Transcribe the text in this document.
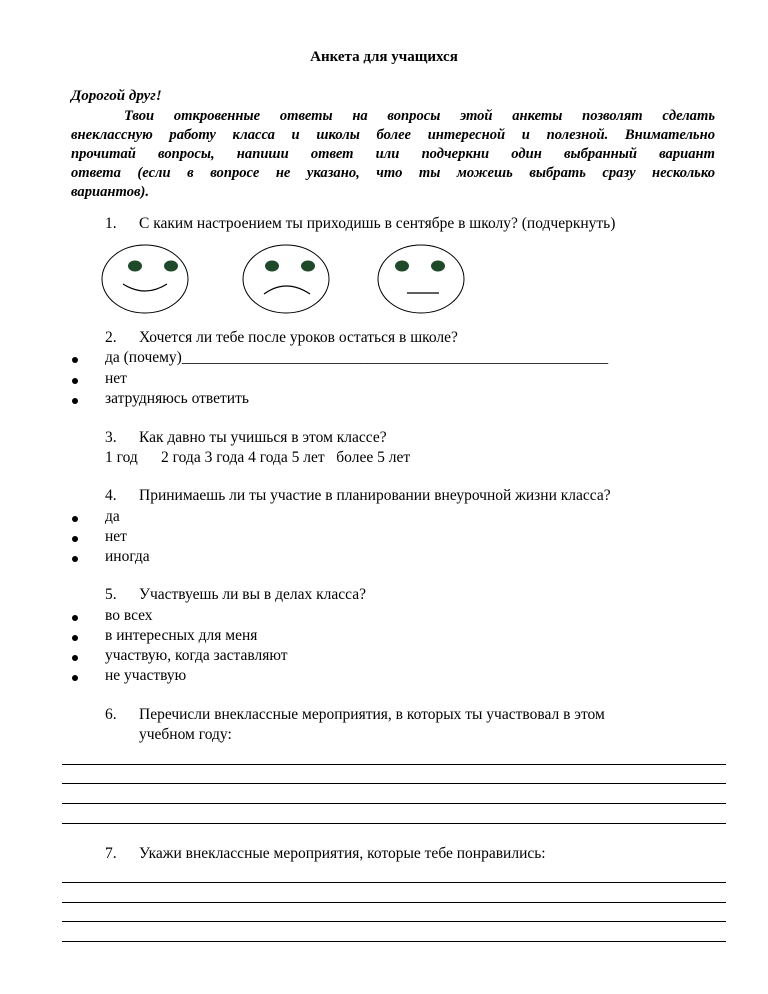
Анкета для учащихся
Дорогой друг!
Твои откровенные ответы на вопросы этой анкеты позволят сделать
внеклассную работу класса и школы более интересной и полезной. Внимательно
прочитай вопросы, напиши ответ или подчеркни один выбранный вариант
ответа (если в вопросе не указано, что ты можешь выбрать сразу несколько
вариантов).
1. С каким настроением ты приходишь в сентябре в школу? (подчеркнуть)
2. Хочется ли тебе после уроков остаться в школе?
да (почему)_______________________________________________________
нет
затрудняюсь ответить
3. Как давно ты учишься в этом классе?
1 год      2 года 3 года 4 года 5 лет   более 5 лет
4. Принимаешь ли ты участие в планировании внеурочной жизни класса?
да
нет
иногда
5. Участвуешь ли вы в делах класса?
во всех
в интересных для меня
участвую, когда заставляют
не участвую
6. Перечисли внеклассные мероприятия, в которых ты участвовал в этом
учебном году:
7. Укажи внеклассные мероприятия, которые тебе понравились:
